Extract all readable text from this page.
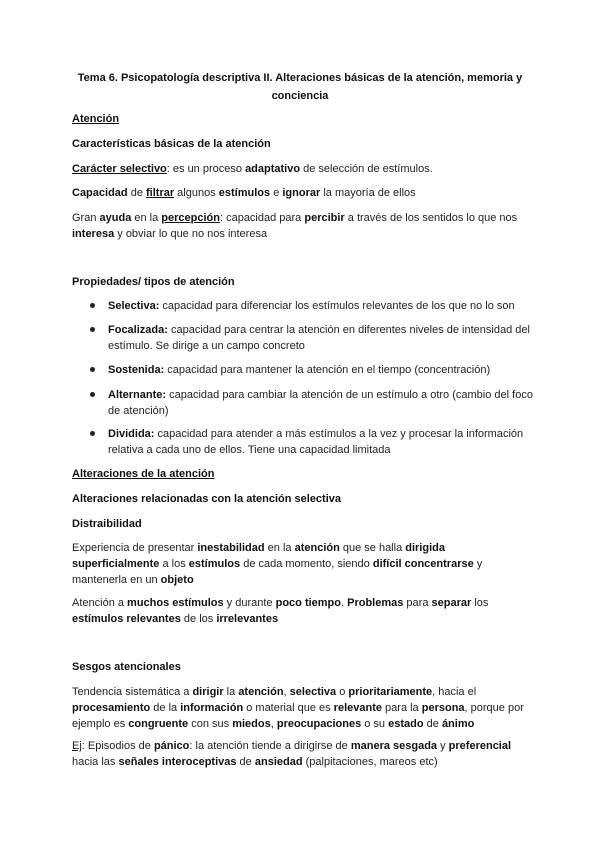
Tema 6. Psicopatología descriptiva II. Alteraciones básicas de la atención, memoria y conciencia
Atención
Características básicas de la atención

Carácter selectivo: es un proceso adaptativo de selección de estímulos.

Capacidad de filtrar algunos estímulos e ignorar la mayoría de ellos

Gran ayuda en la percepción: capacidad para percibir a través de los sentidos lo que nos interesa y obviar lo que no nos interesa

Propiedades/ tipos de atención
Selectiva: capacidad para diferenciar los estímulos relevantes de los que no lo son
Focalizada: capacidad para centrar la atención en diferentes niveles de intensidad del estímulo. Se dirige a un campo concreto
Sostenida: capacidad para mantener la atención en el tiempo (concentración)
Alternante: capacidad para cambiar la atención de un estímulo a otro (cambio del foco de atención)
Dividida: capacidad para atender a más estímulos a la vez y procesar la información relativa a cada uno de ellos. Tiene una capacidad limitada
Alteraciones de la atención
Alteraciones relacionadas con la atención selectiva
Distraibilidad

Experiencia de presentar inestabilidad en la atención que se halla dirigida superficialmente a los estímulos de cada momento, siendo difícil concentrarse y mantenerla en un objeto

Atención a muchos estímulos y durante poco tiempo. Problemas para separar los estímulos relevantes de los irrelevantes

Sesgos atencionales

Tendencia sistemática a dirigir la atención, selectiva o prioritariamente, hacia el procesamiento de la información o material que es relevante para la persona, porque por ejemplo es congruente con sus miedos, preocupaciones o su estado de ánimo

Ej: Episodios de pánico: la atención tiende a dirigirse de manera sesgada y preferencial hacia las señales interoceptivas de ansiedad (palpitaciones, mareos etc)
